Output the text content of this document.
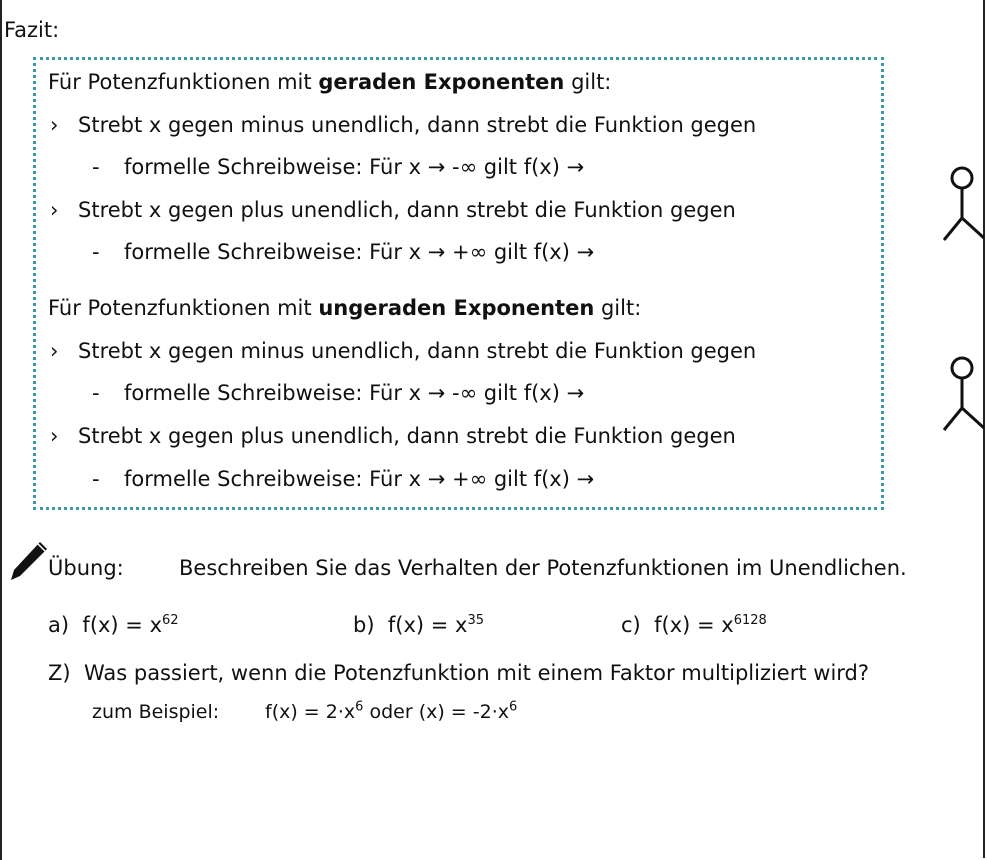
Fazit:
Für Potenzfunktionen mit geraden Exponenten gilt:
› Strebt x gegen minus unendlich, dann strebt die Funktion gegen
- formelle Schreibweise: Für x → -∞ gilt f(x) →
› Strebt x gegen plus unendlich, dann strebt die Funktion gegen
- formelle Schreibweise: Für x → +∞ gilt f(x) →
Für Potenzfunktionen mit ungeraden Exponenten gilt:
› Strebt x gegen minus unendlich, dann strebt die Funktion gegen
- formelle Schreibweise: Für x → -∞ gilt f(x) →
› Strebt x gegen plus unendlich, dann strebt die Funktion gegen
- formelle Schreibweise: Für x → +∞ gilt f(x) →
Übung:	Beschreiben Sie das Verhalten der Potenzfunktionen im Unendlichen.
a) $f(x) = x^{62}$	b) $f(x) = x^{35}$	c) $f(x) = x^{6128}$
Z) Was passiert, wenn die Potenzfunktion mit einem Faktor multipliziert wird?
zum Beispiel: $f(x) = 2\cdot x^6$ oder $(x) = -2\cdot x^6$
